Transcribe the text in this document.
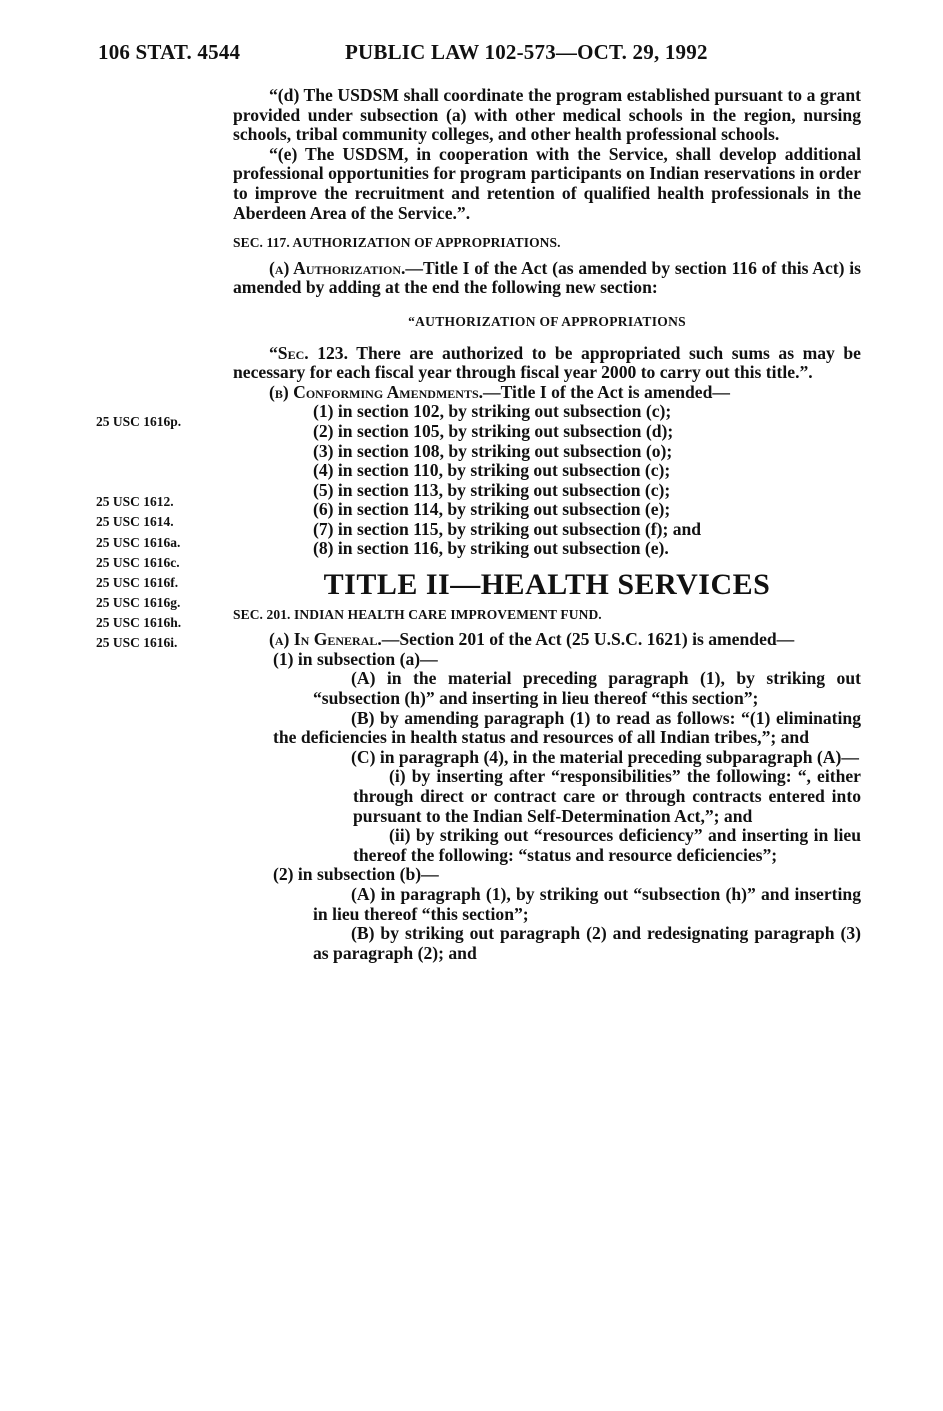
106 STAT. 4544	PUBLIC LAW 102-573—OCT. 29, 1992
25 USC 1616p.
25 USC 1612.
25 USC 1614.
25 USC 1616a.
25 USC 1616c.
25 USC 1616f.
25 USC 1616g.
25 USC 1616h.
25 USC 1616i.

“(d) The USDSM shall coordinate the program established pursuant to a grant provided under subsection (a) with other medical schools in the region, nursing schools, tribal community colleges, and other health professional schools.

“(e) The USDSM, in cooperation with the Service, shall develop additional professional opportunities for program participants on Indian reservations in order to improve the recruitment and retention of qualified health professionals in the Aberdeen Area of the Service.”.

SEC. 117. AUTHORIZATION OF APPROPRIATIONS.

(a) Authorization.—Title I of the Act (as amended by section 116 of this Act) is amended by adding at the end the following new section:

“AUTHORIZATION OF APPROPRIATIONS

“Sec. 123. There are authorized to be appropriated such sums as may be necessary for each fiscal year through fiscal year 2000 to carry out this title.”.

(b) Conforming Amendments.—Title I of the Act is amended—

(1) in section 102, by striking out subsection (c);

(2) in section 105, by striking out subsection (d);

(3) in section 108, by striking out subsection (o);

(4) in section 110, by striking out subsection (c);

(5) in section 113, by striking out subsection (c);

(6) in section 114, by striking out subsection (e);

(7) in section 115, by striking out subsection (f); and

(8) in section 116, by striking out subsection (e).

TITLE II—HEALTH SERVICES
SEC. 201. INDIAN HEALTH CARE IMPROVEMENT FUND.

(a) In General.—Section 201 of the Act (25 U.S.C. 1621) is amended—

(1) in subsection (a)—

(A) in the material preceding paragraph (1), by striking out “subsection (h)” and inserting in lieu thereof “this section”;

(B) by amending paragraph (1) to read as follows: “(1) eliminating the deficiencies in health status and resources of all Indian tribes,”; and

(C) in paragraph (4), in the material preceding subparagraph (A)—

(i) by inserting after “responsibilities” the following: “, either through direct or contract care or through contracts entered into pursuant to the Indian Self-Determination Act,”; and

(ii) by striking out “resources deficiency” and inserting in lieu thereof the following: “status and resource deficiencies”;

(2) in subsection (b)—

(A) in paragraph (1), by striking out “subsection (h)” and inserting in lieu thereof “this section”;

(B) by striking out paragraph (2) and redesignating paragraph (3) as paragraph (2); and
